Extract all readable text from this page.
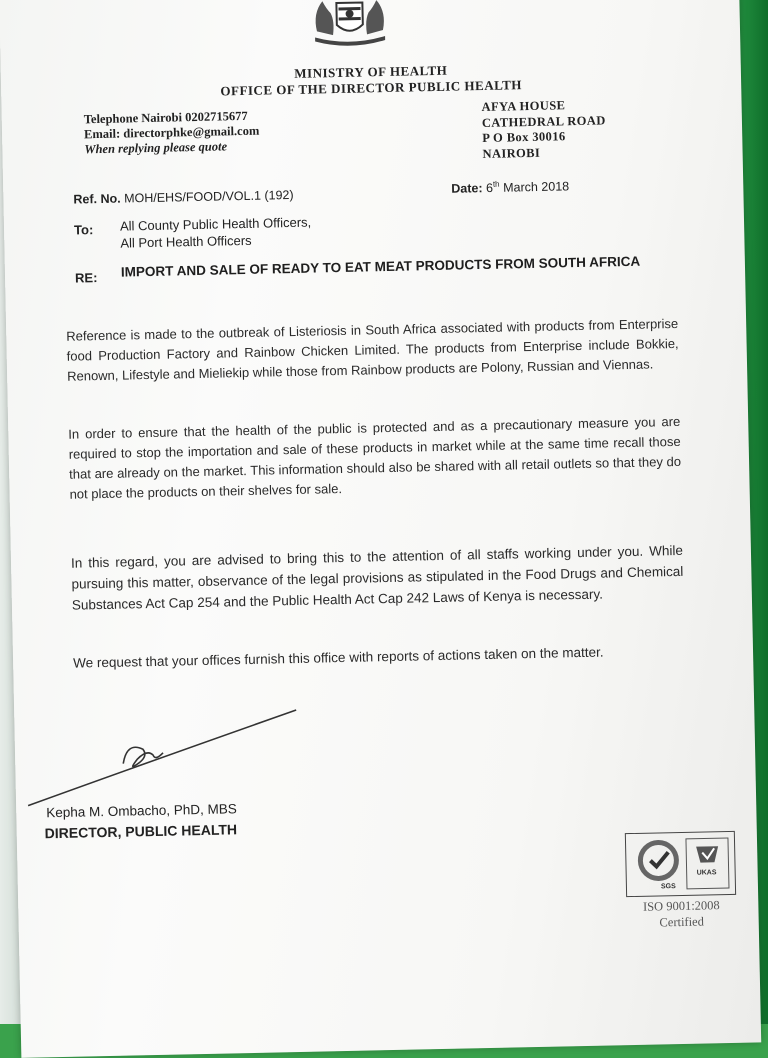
MINISTRY OF HEALTH
OFFICE OF THE DIRECTOR PUBLIC HEALTH
Telephone Nairobi 0202715677
Email: directorphke@gmail.com
When replying please quote
AFYA HOUSE
CATHEDRAL ROAD
P O Box 30016
NAIROBI
Ref. No. MOH/EHS/FOOD/VOL.1 (192)	Date: 6th March 2018
To: All County Public Health Officers,
All Port Health Officers
RE: IMPORT AND SALE OF READY TO EAT MEAT PRODUCTS FROM SOUTH AFRICA
Reference is made to the outbreak of Listeriosis in South Africa associated with products from Enterprise food Production Factory and Rainbow Chicken Limited. The products from Enterprise include Bokkie, Renown, Lifestyle and Mieliekip while those from Rainbow products are Polony, Russian and Viennas.
In order to ensure that the health of the public is protected and as a precautionary measure you are required to stop the importation and sale of these products in market while at the same time recall those that are already on the market. This information should also be shared with all retail outlets so that they do not place the products on their shelves for sale.
In this regard, you are advised to bring this to the attention of all staffs working under you. While pursuing this matter, observance of the legal provisions as stipulated in the Food Drugs and Chemical Substances Act Cap 254 and the Public Health Act Cap 242 Laws of Kenya is necessary.
We request that your offices furnish this office with reports of actions taken on the matter.
Kepha M. Ombacho, PhD, MBS
DIRECTOR, PUBLIC HEALTH
SGS
UKAS
ISO 9001:2008
Certified
